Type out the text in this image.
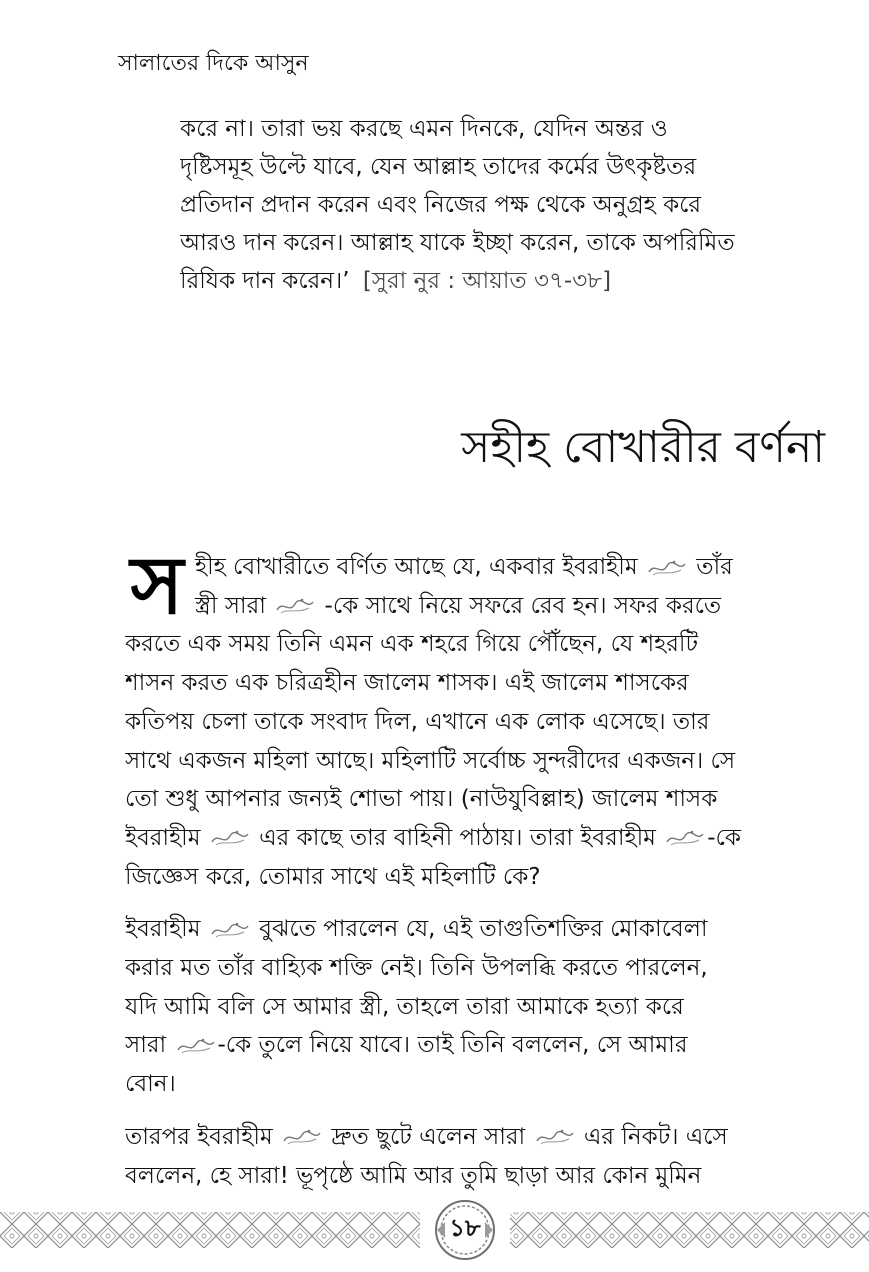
সালাতের দিকে আসুন
করে না। তারা ভয় করছে এমন দিনকে, যেদিন অন্তর ও
দৃষ্টিসমূহ উল্টে যাবে, যেন আল্লাহ তাদের কর্মের উৎকৃষ্টতর
প্রতিদান প্রদান করেন এবং নিজের পক্ষ থেকে অনুগ্রহ করে
আরও দান করেন। আল্লাহ যাকে ইচ্ছা করেন, তাকে অপরিমিত
রিযিক দান করেন।’ [সুরা নুর : আয়াত ৩৭-৩৮]
সহীহ বোখারীর বর্ণনা
স হীহ বোখারীতে বর্ণিত আছে যে, একবার ইবরাহীম	তাঁর
স্ত্রী সারা	-কে সাথে নিয়ে সফরে রেব হন। সফর করতে
করতে এক সময় তিনি এমন এক শহরে গিয়ে পৌঁছেন, যে শহরটি
শাসন করত এক চরিত্রহীন জালেম শাসক। এই জালেম শাসকের
কতিপয় চেলা তাকে সংবাদ দিল, এখানে এক লোক এসেছে। তার
সাথে একজন মহিলা আছে। মহিলাটি সর্বোচ্চ সুন্দরীদের একজন। সে
তো শুধু আপনার জন্যই শোভা পায়। (নাউযুবিল্লাহ) জালেম শাসক
ইবরাহীম	এর কাছে তার বাহিনী পাঠায়। তারা ইবরাহীম -কে
জিজ্ঞেস করে, তোমার সাথে এই মহিলাটি কে?
ইবরাহীম	বুঝতে পারলেন যে, এই তাগুতিশক্তির মোকাবেলা
করার মত তাঁর বাহ্যিক শক্তি নেই। তিনি উপলব্ধি করতে পারলেন,
যদি আমি বলি সে আমার স্ত্রী, তাহলে তারা আমাকে হত্যা করে
সারা -কে তুলে নিয়ে যাবে। তাই তিনি বললেন, সে আমার
বোন।
তারপর ইবরাহীম	দ্রুত ছুটে এলেন সারা	এর নিকট। এসে
বললেন, হে সারা! ভূপৃষ্ঠে আমি আর তুমি ছাড়া আর কোন মুমিন
১৮
